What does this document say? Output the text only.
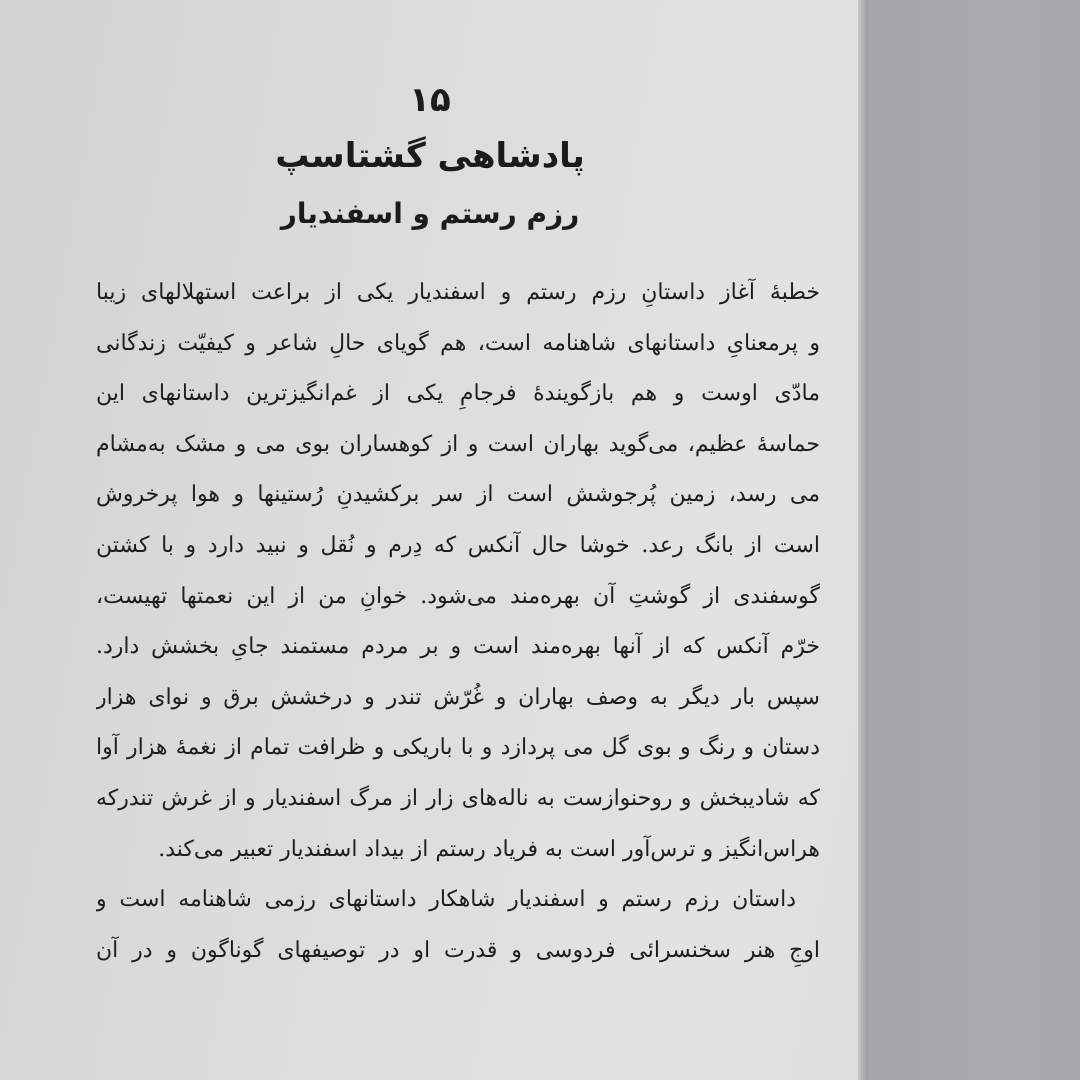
۱۵
پادشاهی گشتاسپ
رزم رستم و اسفندیار
خطبهٔ آغاز داستانِ رزم رستم و اسفندیار یکی از براعت استهلالهای زیبا
و پرمعنایِ داستانهای شاهنامه است، هم گویای حالِ شاعر و کیفیّت زندگانی
مادّی اوست و هم بازگویندهٔ فرجامِ یکی از غم‌انگیزترین داستانهای این
حماسهٔ عظیم، می‌گوید بهاران است و از کوهساران بوی می و مشک به‌مشام
می رسد، زمین پُرجوشش است از سر برکشیدنِ رُستینها و هوا پرخروش
است از بانگ رعد. خوشا حال آنکس که دِرم و نُقل و نبید دارد و با کشتن
گوسفندی از گوشتِ آن بهره‌مند می‌شود. خوانِ من از این نعمتها تهیست،
خرّم آنکس که از آنها بهره‌مند است و بر مردم مستمند جایِ بخشش دارد.
سپس بار دیگر به وصف بهاران و غُرّش تندر و درخشش برق و نوای هزار
دستان و رنگ و بوی گل می پردازد و با باریکی و ظرافت تمام از نغمهٔ هزار آوا
که شادیبخش و روحنوازست به ناله‌های زار از مرگ اسفندیار و از غرش تندرکه
هراس‌انگیز و ترس‌آور است به فریاد رستم از بیداد اسفندیار تعبیر می‌کند.
داستان رزم رستم و اسفندیار شاهکار داستانهای رزمی شاهنامه است و
اوجِ هنر سخنسرائی فردوسی و قدرت او در توصیفهای گوناگون و در آن
